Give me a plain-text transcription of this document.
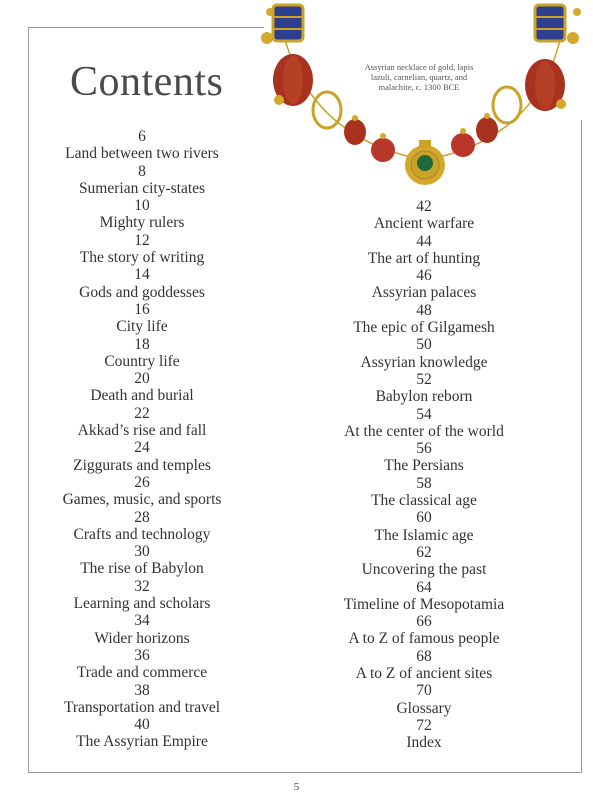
Contents	Assyrian necklace of gold, lapis lazuli, carnelian, quartz, and malachite, c. 1300 BCE
6
Land between two rivers
8
Sumerian city-states
10
Mighty rulers
12
The story of writing
14
Gods and goddesses
16
City life
18
Country life
20
Death and burial
22
Akkad’s rise and fall
24
Ziggurats and temples
26
Games, music, and sports
28
Crafts and technology
30
The rise of Babylon
32
Learning and scholars
34
Wider horizons
36
Trade and commerce
38
Transportation and travel
40
The Assyrian Empire
42
Ancient warfare
44
The art of hunting
46
Assyrian palaces
48
The epic of Gilgamesh
50
Assyrian knowledge
52
Babylon reborn
54
At the center of the world
56
The Persians
58
The classical age
60
The Islamic age
62
Uncovering the past
64
Timeline of Mesopotamia
66
A to Z of famous people
68
A to Z of ancient sites
70
Glossary
72
Index
5
